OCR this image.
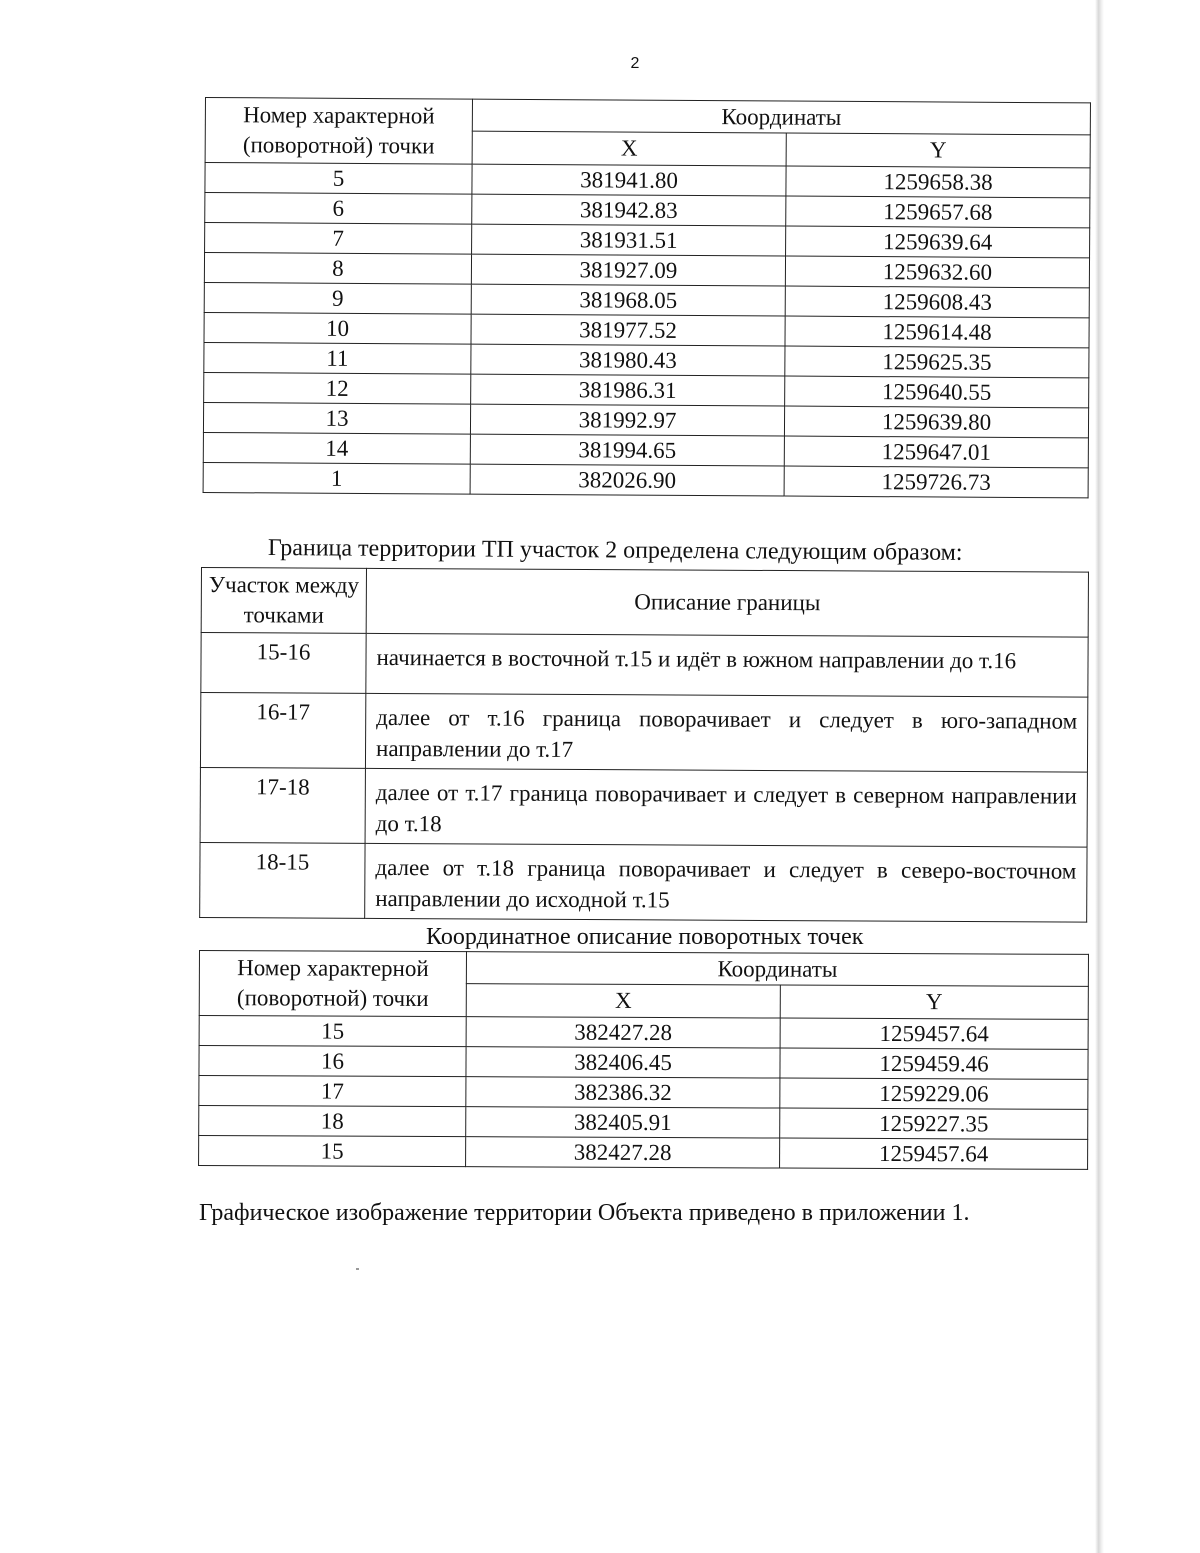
2
Номер характерной (поворотной) точки	Координаты	
	X	Y
5	381941.80	1259658.38
6	381942.83	1259657.68
7	381931.51	1259639.64
8	381927.09	1259632.60
9	381968.05	1259608.43
10	381977.52	1259614.48
11	381980.43	1259625.35
12	381986.31	1259640.55
13	381992.97	1259639.80
14	381994.65	1259647.01
1	382026.90	1259726.73
Граница территории ТП участок 2 определена следующим образом:
Участок между точками	Описание границы
15-16	начинается в восточной т.15 и идёт в южном направлении до т.16
16-17	далее от т.16 граница поворачивает и следует в юго-западном направлении до т.17
17-18	далее от т.17 граница поворачивает и следует в северном направлении до т.18
18-15	далее от т.18 граница поворачивает и следует в северо-восточном направлении до исходной т.15
Координатное описание поворотных точек
Номер характерной (поворотной) точки	Координаты	
	X	Y
15	382427.28	1259457.64
16	382406.45	1259459.46
17	382386.32	1259229.06
18	382405.91	1259227.35
15	382427.28	1259457.64
Графическое изображение территории Объекта приведено в приложении 1.
